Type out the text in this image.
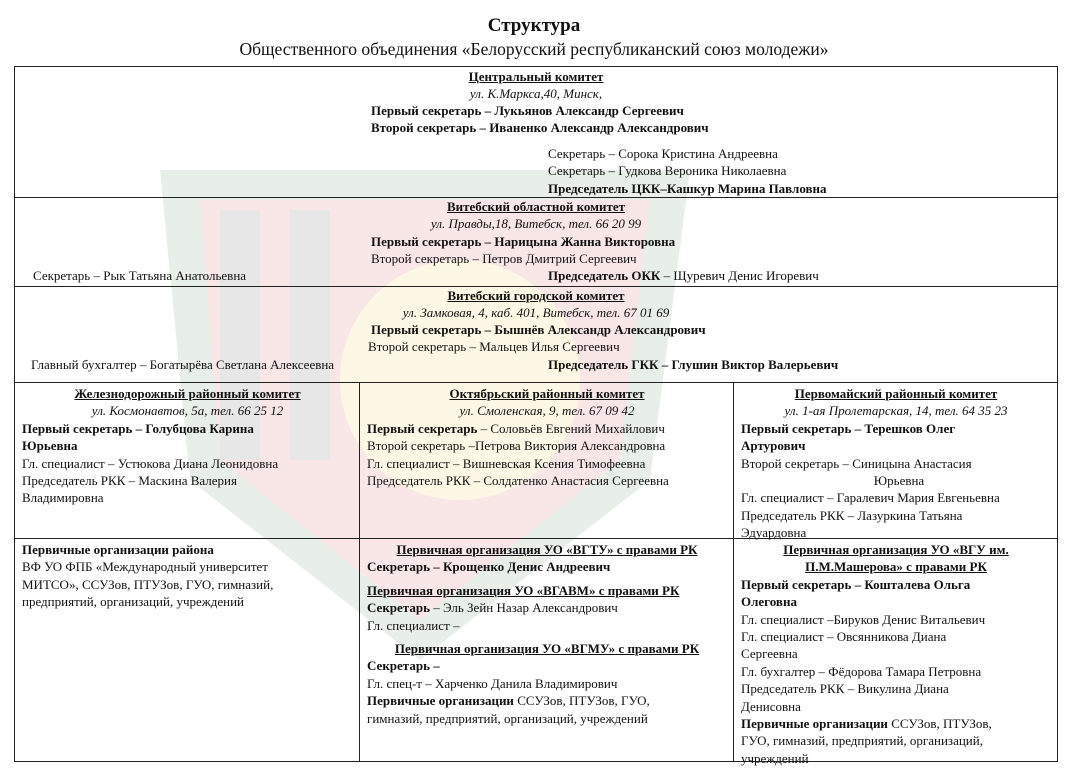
Структура
Общественного объединения «Белорусский республиканский союз молодежи»
Центральный комитет
ул. К.Маркса,40, Минск,
Первый секретарь – Лукьянов Александр Сергеевич
Второй секретарь – Иваненко Александр Александрович
Секретарь – Сорока Кристина Андреевна
Секретарь – Гудкова Вероника Николаевна
Председатель ЦКК–Кашкур Марина Павловна
Витебский областной комитет
ул. Правды,18, Витебск, тел. 66 20 99
Первый секретарь – Нарицына Жанна Викторовна
Второй секретарь – Петров Дмитрий Сергеевич
Секретарь – Рык Татьяна Анатольевна	Председатель ОКК – Щуревич Денис Игоревич
Витебский городской комитет
ул. Замковая, 4, каб. 401, Витебск, тел. 67 01 69
Первый секретарь – Бышнёв Александр Александрович
Второй секретарь – Мальцев Илья Сергеевич
Главный бухгалтер – Богатырёва Светлана Алексеевна	Председатель ГКК – Глушин Виктор Валерьевич
Железнодорожный районный комитет
ул. Космонавтов, 5а, тел. 66 25 12
Первый секретарь – Голубцова Карина
Юрьевна
Гл. специалист – Устюкова Диана Леонидовна
Председатель РКК – Маскина Валерия
Владимировна
Октябрьский районный комитет
ул. Смоленская, 9, тел. 67 09 42
Первый секретарь – Соловьёв Евгений Михайлович
Второй секретарь –Петрова Виктория Александровна
Гл. специалист – Вишневская Ксения Тимофеевна
Председатель РКК – Солдатенко Анастасия Сергеевна
Первомайский районный комитет
ул. 1-ая Пролетарская, 14, тел. 64 35 23
Первый секретарь – Терешков Олег
Артурович
Второй секретарь – Синицына Анастасия
Юрьевна
Гл. специалист – Гаралевич Мария Евгеньевна
Председатель РКК – Лазуркина Татьяна
Эдуардовна
Первичные организации района
ВФ УО ФПБ «Международный университет
МИТСО», ССУЗов, ПТУЗов, ГУО, гимназий,
предприятий, организаций, учреждений
Первичная организация УО «ВГТУ» с правами РК
Секретарь – Крощенко Денис Андреевич
Первичная организация УО «ВГАВМ» с правами РК
Секретарь – Эль Зейн Назар Александрович
Гл. специалист –
Первичная организация УО «ВГМУ» с правами РК
Секретарь –
Гл. спец-т – Харченко Данила Владимирович
Первичные организации ССУЗов, ПТУЗов, ГУО,
гимназий, предприятий, организаций, учреждений
Первичная организация УО «ВГУ им.
П.М.Машерова» с правами РК
Первый секретарь – Кошталева Ольга
Олеговна
Гл. специалист –Бируков Денис Витальевич
Гл. специалист – Овсянникова Диана
Сергеевна
Гл. бухгалтер – Фёдорова Тамара Петровна
Председатель РКК – Викулина Диана
Денисовна
Первичные организации ССУЗов, ПТУЗов,
ГУО, гимназий, предприятий, организаций,
учреждений
